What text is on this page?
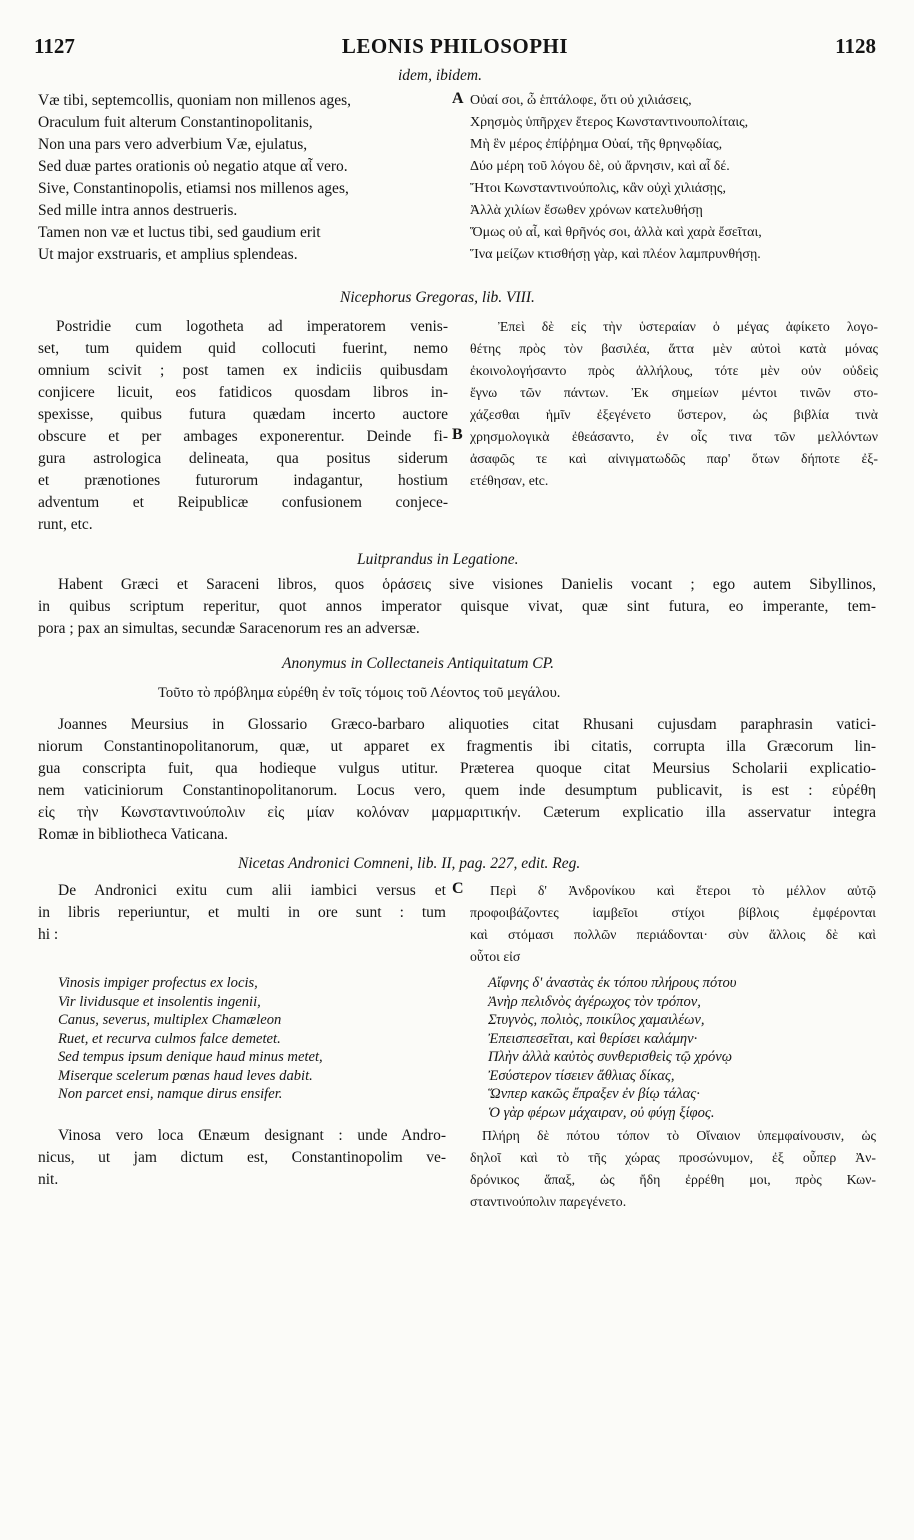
1127	LEONIS PHILOSOPHI	1128
idem, ibidem.
Væ tibi, septemcollis, quoniam non millenos ages,
Oraculum fuit alterum Constantinopolitanis,
Non una pars vero adverbium Væ, ejulatus,
Sed duæ partes orationis οὐ negatio atque αἶ vero.
Sive, Constantinopolis, etiamsi nos millenos ages,
Sed mille intra annos destrueris.
Tamen non væ et luctus tibi, sed gaudium erit
Ut major exstruaris, et amplius splendeas.
A Οὐαί σοι, ὦ ἑπτάλοφε, ὅτι οὐ χιλιάσεις,
Χρησμὸς ὑπῆρχεν ἕτερος Κωνσταντινουπολίταις,
Μὴ ἓν μέρος ἐπίῤῥημα Οὐαί, τῆς θρηνῳδίας,
Δύο μέρη τοῦ λόγου δὲ, οὐ ἄρνησιν, καὶ αἶ δέ.
Ἤτοι Κωνσταντινούπολις, κἂν οὐχὶ χιλιάσῃς,
Ἀλλὰ χιλίων ἔσωθεν χρόνων κατελυθήσῃ
Ὅμως οὐ αἶ, καὶ θρῆνός σοι, ἀλλὰ καὶ χαρὰ ἔσεῖται,
Ἵνα μείζων κτισθήσῃ γὰρ, καὶ πλέον λαμπρυνθήσῃ.
Nicephorus Gregoras, lib. VIII.
Postridie cum logotheta ad imperatorem venis-
set, tum quidem quid collocuti fuerint, nemo
omnium scivit ; post tamen ex indiciis quibusdam
conjicere licuit, eos fatidicos quosdam libros in-
spexisse, quibus futura quædam incerto auctore
obscure et per ambages exponerentur. Deinde fi-
gura astrologica delineata, qua positus siderum
et prænotiones futurorum indagantur, hostium
adventum et Reipublicæ confusionem conjece-
runt, etc.
B
Ἐπεὶ δὲ εἰς τὴν ὑστεραίαν ὁ μέγας ἀφίκετο λογο-
θέτης πρὸς τὸν βασιλέα, ἅττα μὲν αὐτοὶ κατὰ μόνας
ἐκοινολογήσαντο πρὸς ἀλλήλους, τότε μὲν οὐν οὐδεὶς
ἔγνω τῶν πάντων. Ἐκ σημείων μέντοι τινῶν στο-
χάζεσθαι ἡμῖν ἐξεγένετο ὕστερον, ὡς βιβλία τινὰ
χρησμολογικὰ ἐθεάσαντο, ἐν οἷς τινα τῶν μελλόντων
ἀσαφῶς τε καὶ αἰνιγματωδῶς παρ' ὅτων δήποτε ἐξ-
ετέθησαν, etc.
Luitprandus in Legatione.
Habent Græci et Saraceni libros, quos ὁράσεις sive visiones Danielis vocant ; ego autem Sibyllinos,
in quibus scriptum reperitur, quot annos imperator quisque vivat, quæ sint futura, eo imperante, tem-
pora ; pax an simultas, secundæ Saracenorum res an adversæ.
Anonymus in Collectaneis Antiquitatum CP.
Τοῦτο τὸ πρόβλημα εὑρέθη ἐν τοῖς τόμοις τοῦ Λέοντος τοῦ μεγάλου.
Joannes Meursius in Glossario Græco-barbaro aliquoties citat Rhusani cujusdam paraphrasin vatici-
niorum Constantinopolitanorum, quæ, ut apparet ex fragmentis ibi citatis, corrupta illa Græcorum lin-
gua conscripta fuit, qua hodieque vulgus utitur. Præterea quoque citat Meursius Scholarii explicatio-
nem vaticiniorum Constantinopolitanorum. Locus vero, quem inde desumptum publicavit, is est : εὑρέθη
εἰς τὴν Κωνσταντινούπολιν εἰς μίαν κολόναν μαρμαριτικήν. Cæterum explicatio illa asservatur integra
Romæ in bibliotheca Vaticana.
Nicetas Andronici Comneni, lib. II, pag. 227, edit. Reg.
De Andronici exitu cum alii iambici versus et
in libris reperiuntur, et multi in ore sunt : tum
hi :
C	Περὶ δ' Ἀνδρονίκου καὶ ἕτεροι τὸ μέλλον αὐτῷ
προφοιβάζοντες ἰαμβεῖοι στίχοι βίβλοις ἐμφέρονται
καὶ στόμασι πολλῶν περιάδονται· σὺν ἄλλοις δὲ καὶ
οὗτοι εἰσ
Vinosis impiger profectus ex locis,
Vir lividusque et insolentis ingenii,
Canus, severus, multiplex Chamæleon
Ruet, et recurva culmos falce demetet.
Sed tempus ipsum denique haud minus metet,
Miserque scelerum pœnas haud leves dabit.
Non parcet ensi, namque dirus ensifer.
Αἴφνης δ' ἀναστὰς ἐκ τόπου πλήρους πότου
Ἀνὴρ πελιδνὸς ἀγέρωχος τὸν τρόπον,
Στυγνὸς, πολιὸς, ποικίλος χαμαιλέων,
Ἐπεισπεσεῖται, καὶ θερίσει καλάμην·
Πλὴν ἀλλὰ καὐτὸς συνθερισθεὶς τῷ χρόνῳ
Ἐσύστερον τίσειεν ἄθλιας δίκας,
Ὥνπερ κακῶς ἔπραξεν ἐν βίῳ τάλας·
Ὁ γὰρ φέρων μάχαιραν, οὐ φύγῃ ξίφος.
Vinosa vero loca Œnæum designant : unde Andro-
nicus, ut jam dictum est, Constantinopolim ve-
nit.
Πλήρη δὲ πότου τόπον τὸ Οἴναιον ὑπεμφαίνουσιν, ὡς
δηλοῖ καὶ τὸ τῆς χώρας προσώνυμον, ἐξ οὗπερ Ἀν-
δρόνικος ἅπαξ, ὡς ἤδη ἐρρέθη μοι, πρὸς Κων-
σταντινούπολιν παρεγένετο.
